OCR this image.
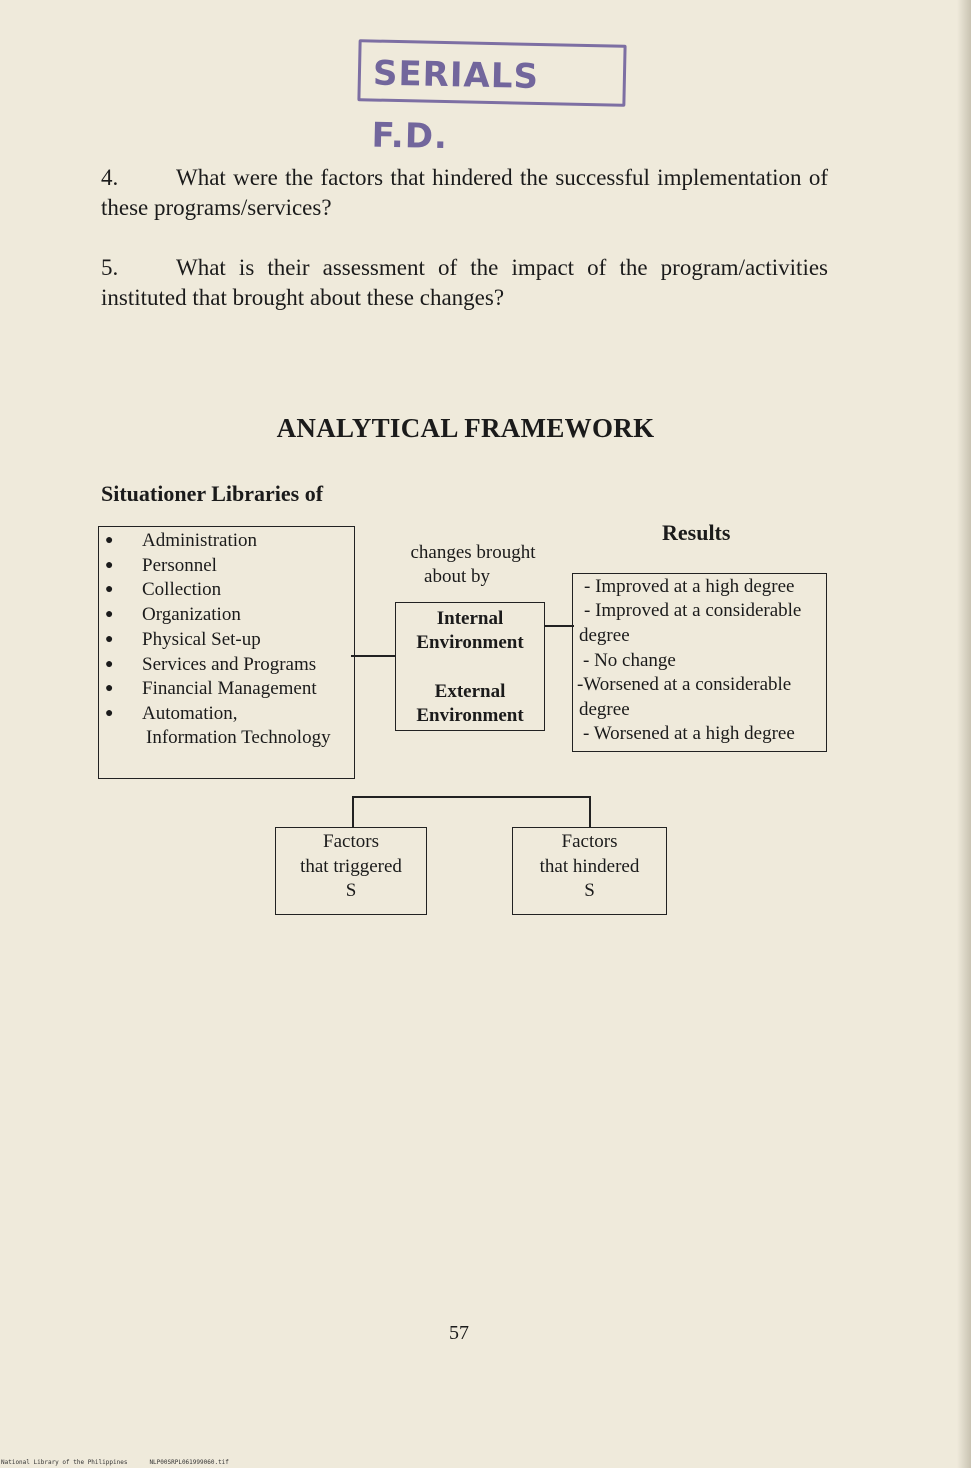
SERIALS F.D.
4.	What were the factors that hindered the successful implementation of these programs/services?
5.	What is their assessment of the impact of the program/activities instituted that brought about these changes?
ANALYTICAL FRAMEWORK
Situationer Libraries of
● Administration
● Personnel
● Collection
● Organization
● Physical Set-up
● Services and Programs
● Financial Management
● Automation,
Information Technology
changes brought
about by
Internal
Environment
External
Environment
Results
- Improved at a high degree
- Improved at a considerable
degree
- No change
-Worsened at a considerable
degree
- Worsened at a high degree
Factors
that triggered
S
Factors
that hindered
S
57
National Library of the Philippines	NLP00SRPL061999060.tif
